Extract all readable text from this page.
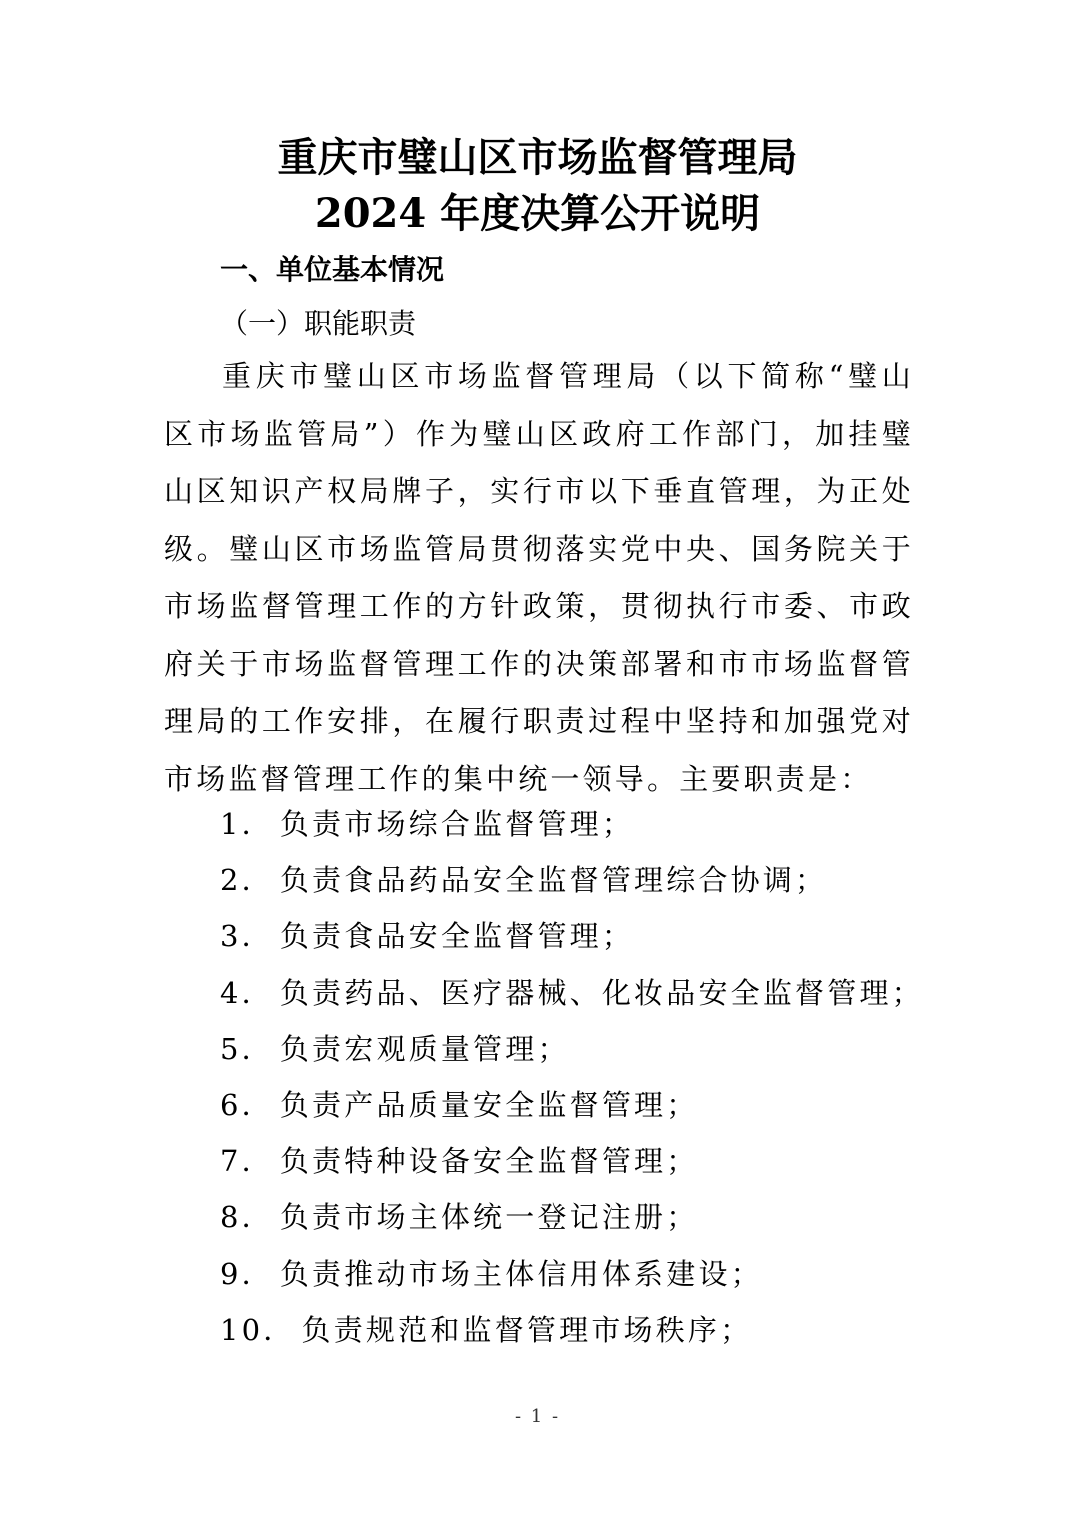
重庆市璧山区市场监督管理局
2024 年度决算公开说明
一、单位基本情况
（一）职能职责

重庆市璧山区市场监督管理局（以下简称“璧山区市场监管局”）作为璧山区政府工作部门，加挂璧山区知识产权局牌子，实行市以下垂直管理，为正处级。璧山区市场监管局贯彻落实党中央、国务院关于市场监督管理工作的方针政策，贯彻执行市委、市政府关于市场监督管理工作的决策部署和市市场监督管理局的工作安排，在履行职责过程中坚持和加强党对市场监督管理工作的集中统一领导。主要职责是：

1． 负责市场综合监督管理；
2． 负责食品药品安全监督管理综合协调；
3． 负责食品安全监督管理；
4． 负责药品、医疗器械、化妆品安全监督管理；
5． 负责宏观质量管理；
6． 负责产品质量安全监督管理；
7． 负责特种设备安全监督管理；
8． 负责市场主体统一登记注册；
9． 负责推动市场主体信用体系建设；
10． 负责规范和监督管理市场秩序；
- 1 -
